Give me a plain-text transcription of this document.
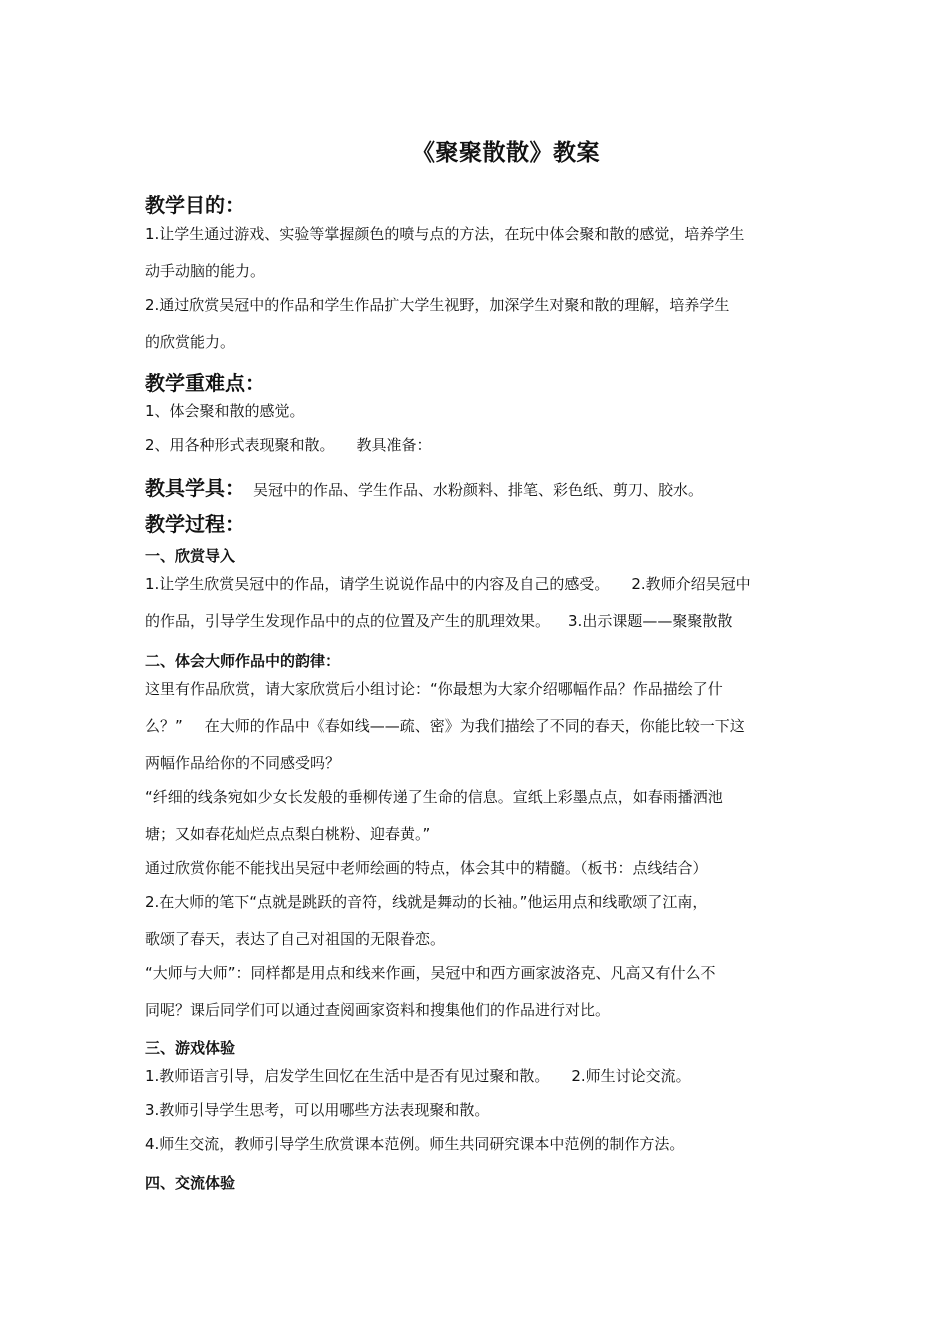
《聚聚散散》教案
教学目的：
1.让学生通过游戏、实验等掌握颜色的喷与点的方法，在玩中体会聚和散的感觉，培养学生
动手动脑的能力。
2.通过欣赏吴冠中的作品和学生作品扩大学生视野，加深学生对聚和散的理解，培养学生
的欣赏能力。
教学重难点：
1、体会聚和散的感觉。
2、用各种形式表现聚和散。 教具准备：
教具学具： 吴冠中的作品、学生作品、水粉颜料、排笔、彩色纸、剪刀、胶水。
教学过程：
一、欣赏导入
1.让学生欣赏吴冠中的作品，请学生说说作品中的内容及自己的感受。 2.教师介绍吴冠中
的作品，引导学生发现作品中的点的位置及产生的肌理效果。 3.出示课题——聚聚散散
二、体会大师作品中的韵律：
这里有作品欣赏，请大家欣赏后小组讨论：“你最想为大家介绍哪幅作品？作品描绘了什
么？” 在大师的作品中《春如线——疏、密》为我们描绘了不同的春天，你能比较一下这
两幅作品给你的不同感受吗？
“纤细的线条宛如少女长发般的垂柳传递了生命的信息。宣纸上彩墨点点，如春雨播洒池
塘；又如春花灿烂点点梨白桃粉、迎春黄。”
通过欣赏你能不能找出吴冠中老师绘画的特点，体会其中的精髓。（板书：点线结合）
2.在大师的笔下“点就是跳跃的音符，线就是舞动的长袖。”他运用点和线歌颂了江南，
歌颂了春天，表达了自己对祖国的无限眷恋。
“大师与大师”：同样都是用点和线来作画，吴冠中和西方画家波洛克、凡高又有什么不
同呢？课后同学们可以通过查阅画家资料和搜集他们的作品进行对比。
三、游戏体验
1.教师语言引导，启发学生回忆在生活中是否有见过聚和散。 2.师生讨论交流。
3.教师引导学生思考，可以用哪些方法表现聚和散。
4.师生交流，教师引导学生欣赏课本范例。师生共同研究课本中范例的制作方法。
四、交流体验
